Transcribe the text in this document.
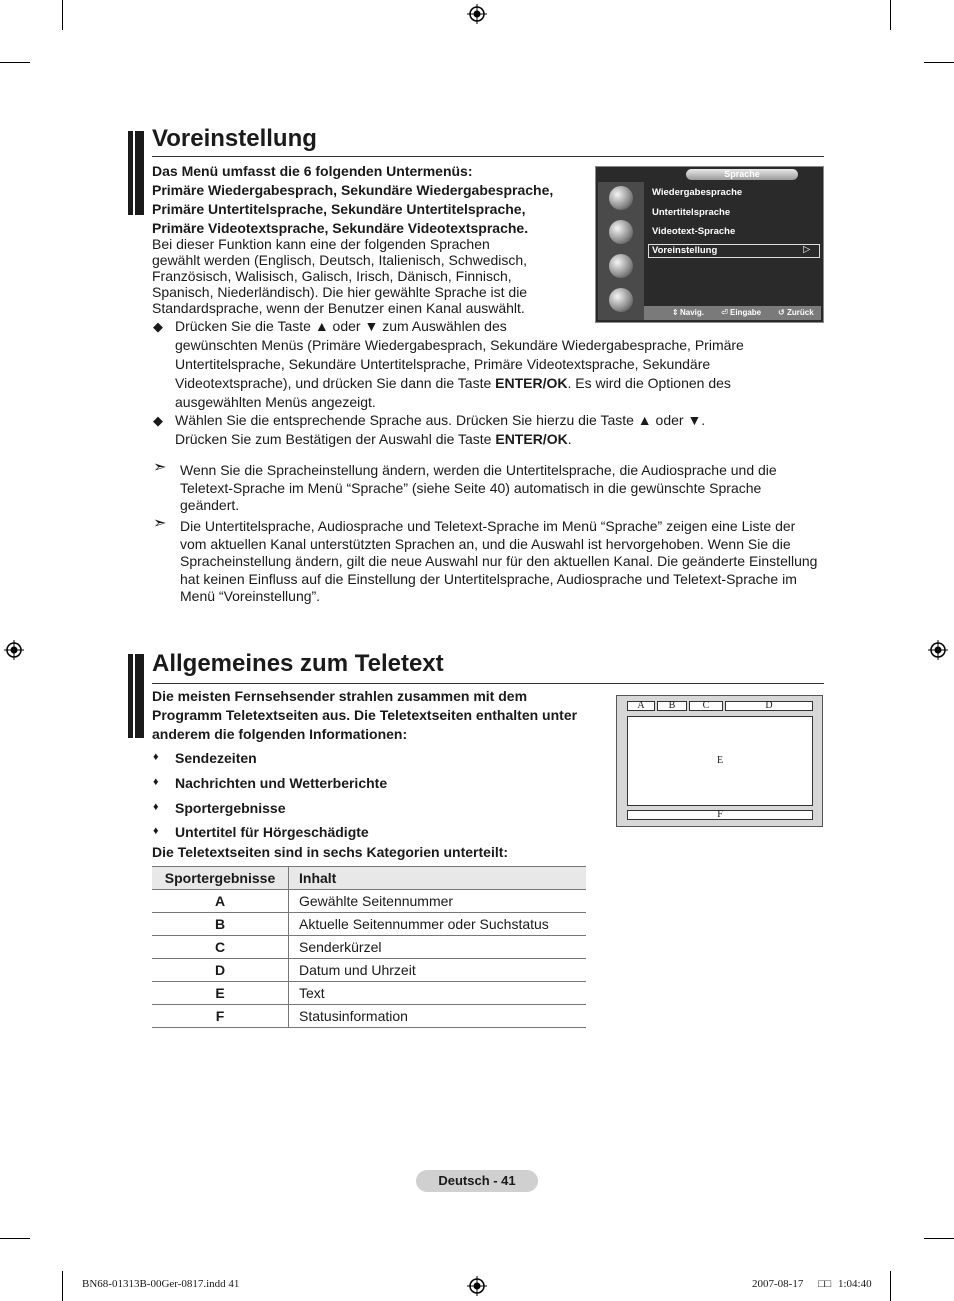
Voreinstellung
Das Menü umfasst die 6 folgenden Untermenüs:
Primäre Wiedergabesprach, Sekundäre Wiedergabesprache,
Primäre Untertitelsprache, Sekundäre Untertitelsprache,
Primäre Videotextsprache, Sekundäre Videotextsprache.
Bei dieser Funktion kann eine der folgenden Sprachen
gewählt werden (Englisch, Deutsch, Italienisch, Schwedisch,
Französisch, Walisisch, Galisch, Irisch, Dänisch, Finnisch,
Spanisch, Niederländisch). Die hier gewählte Sprache ist die
Standardsprache, wenn der Benutzer einen Kanal auswählt.
Sprache
Wiedergabesprache
Untertitelsprache
Videotext-Sprache
Voreinstellung	▷
⇕ Navig. ⏎ Eingabe ↺ Zurück
◆ Drücken Sie die Taste ▲ oder ▼ zum Auswählen des
gewünschten Menüs (Primäre Wiedergabesprach, Sekundäre Wiedergabesprache, Primäre
Untertitelsprache, Sekundäre Untertitelsprache, Primäre Videotextsprache, Sekundäre
Videotextsprache), und drücken Sie dann die Taste ENTER/OK. Es wird die Optionen des
ausgewählten Menüs angezeigt.
◆ Wählen Sie die entsprechende Sprache aus. Drücken Sie hierzu die Taste ▲ oder ▼.
Drücken Sie zum Bestätigen der Auswahl die Taste ENTER/OK.
➣ Wenn Sie die Spracheinstellung ändern, werden die Untertitelsprache, die Audiosprache und die Teletext-Sprache im Menü “Sprache” (siehe Seite 40) automatisch in die gewünschte Sprache geändert.
➣ Die Untertitelsprache, Audiosprache und Teletext-Sprache im Menü “Sprache” zeigen eine Liste der vom aktuellen Kanal unterstützten Sprachen an, und die Auswahl ist hervorgehoben. Wenn Sie die Spracheinstellung ändern, gilt die neue Auswahl nur für den aktuellen Kanal. Die geänderte Einstellung hat keinen Einfluss auf die Einstellung der Untertitelsprache, Audiosprache und Teletext-Sprache im Menü “Voreinstellung”.
Allgemeines zum Teletext
Die meisten Fernsehsender strahlen zusammen mit dem
Programm Teletextseiten aus. Die Teletextseiten enthalten unter
anderem die folgenden Informationen:
♦ Sendezeiten
♦ Nachrichten und Wetterberichte
♦ Sportergebnisse
♦ Untertitel für Hörgeschädigte
Die Teletextseiten sind in sechs Kategorien unterteilt:
A	B	C	D
E
F
Sportergebnisse	Inhalt
A	Gewählte Seitennummer
B	Aktuelle Seitennummer oder Suchstatus
C	Senderkürzel
D	Datum und Uhrzeit
E	Text
F	Statusinformation
Deutsch - 41
BN68-01313B-00Ger-0817.indd 41	2007-08-17 □□ 1:04:40
